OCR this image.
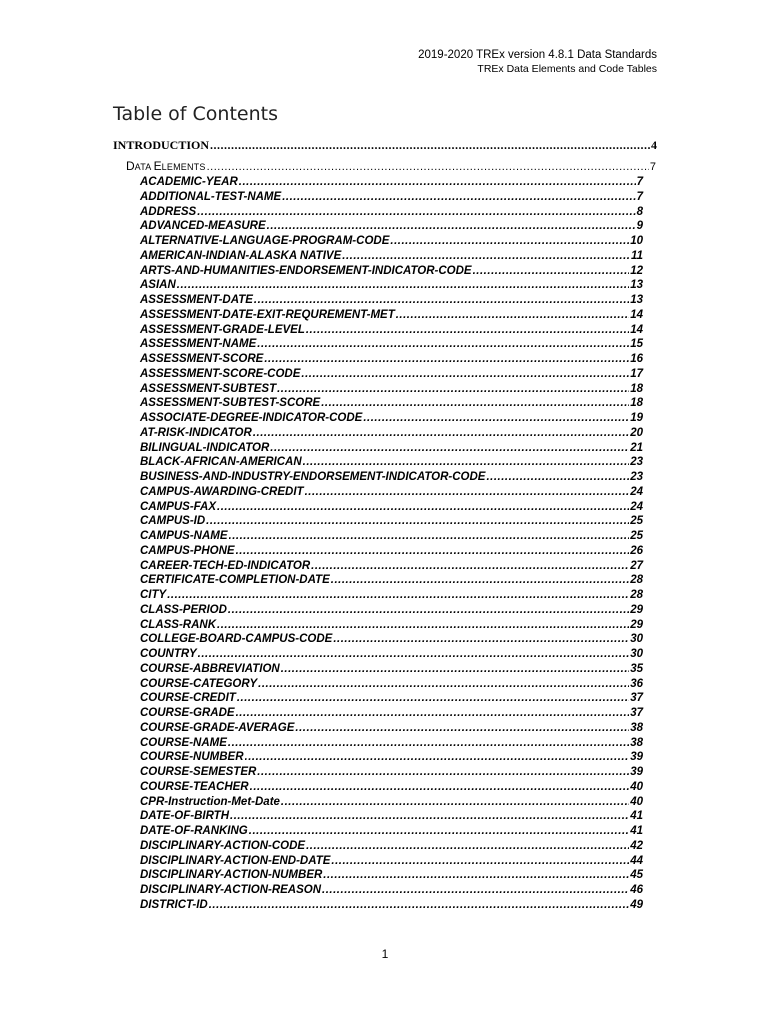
2019-2020 TREx version 4.8.1 Data Standards
TREx Data Elements and Code Tables
Table of Contents
INTRODUCTION .....	4
DATA ELEMENTS .....	7
ACADEMIC-YEAR .....	7
ADDITIONAL-TEST-NAME .....	7
ADDRESS .....	8
ADVANCED-MEASURE .....	9
ALTERNATIVE-LANGUAGE-PROGRAM-CODE .....	10
AMERICAN-INDIAN-ALASKA NATIVE .....	11
ARTS-AND-HUMANITIES-ENDORSEMENT-INDICATOR-CODE .....	12
ASIAN .....	13
ASSESSMENT-DATE .....	13
ASSESSMENT-DATE-EXIT-REQUREMENT-MET .....	14
ASSESSMENT-GRADE-LEVEL .....	14
ASSESSMENT-NAME .....	15
ASSESSMENT-SCORE .....	16
ASSESSMENT-SCORE-CODE .....	17
ASSESSMENT-SUBTEST .....	18
ASSESSMENT-SUBTEST-SCORE .....	18
ASSOCIATE-DEGREE-INDICATOR-CODE .....	19
AT-RISK-INDICATOR .....	20
BILINGUAL-INDICATOR .....	21
BLACK-AFRICAN-AMERICAN .....	23
BUSINESS-AND-INDUSTRY-ENDORSEMENT-INDICATOR-CODE .....	23
CAMPUS-AWARDING-CREDIT .....	24
CAMPUS-FAX .....	24
CAMPUS-ID .....	25
CAMPUS-NAME .....	25
CAMPUS-PHONE .....	26
CAREER-TECH-ED-INDICATOR .....	27
CERTIFICATE-COMPLETION-DATE .....	28
CITY .....	28
CLASS-PERIOD .....	29
CLASS-RANK .....	29
COLLEGE-BOARD-CAMPUS-CODE .....	30
COUNTRY .....	30
COURSE-ABBREVIATION .....	35
COURSE-CATEGORY .....	36
COURSE-CREDIT .....	37
COURSE-GRADE .....	37
COURSE-GRADE-AVERAGE .....	38
COURSE-NAME .....	38
COURSE-NUMBER .....	39
COURSE-SEMESTER .....	39
COURSE-TEACHER .....	40
CPR-Instruction-Met-Date .....	40
DATE-OF-BIRTH .....	41
DATE-OF-RANKING .....	41
DISCIPLINARY-ACTION-CODE .....	42
DISCIPLINARY-ACTION-END-DATE .....	44
DISCIPLINARY-ACTION-NUMBER .....	45
DISCIPLINARY-ACTION-REASON .....	46
DISTRICT-ID .....	49
1
